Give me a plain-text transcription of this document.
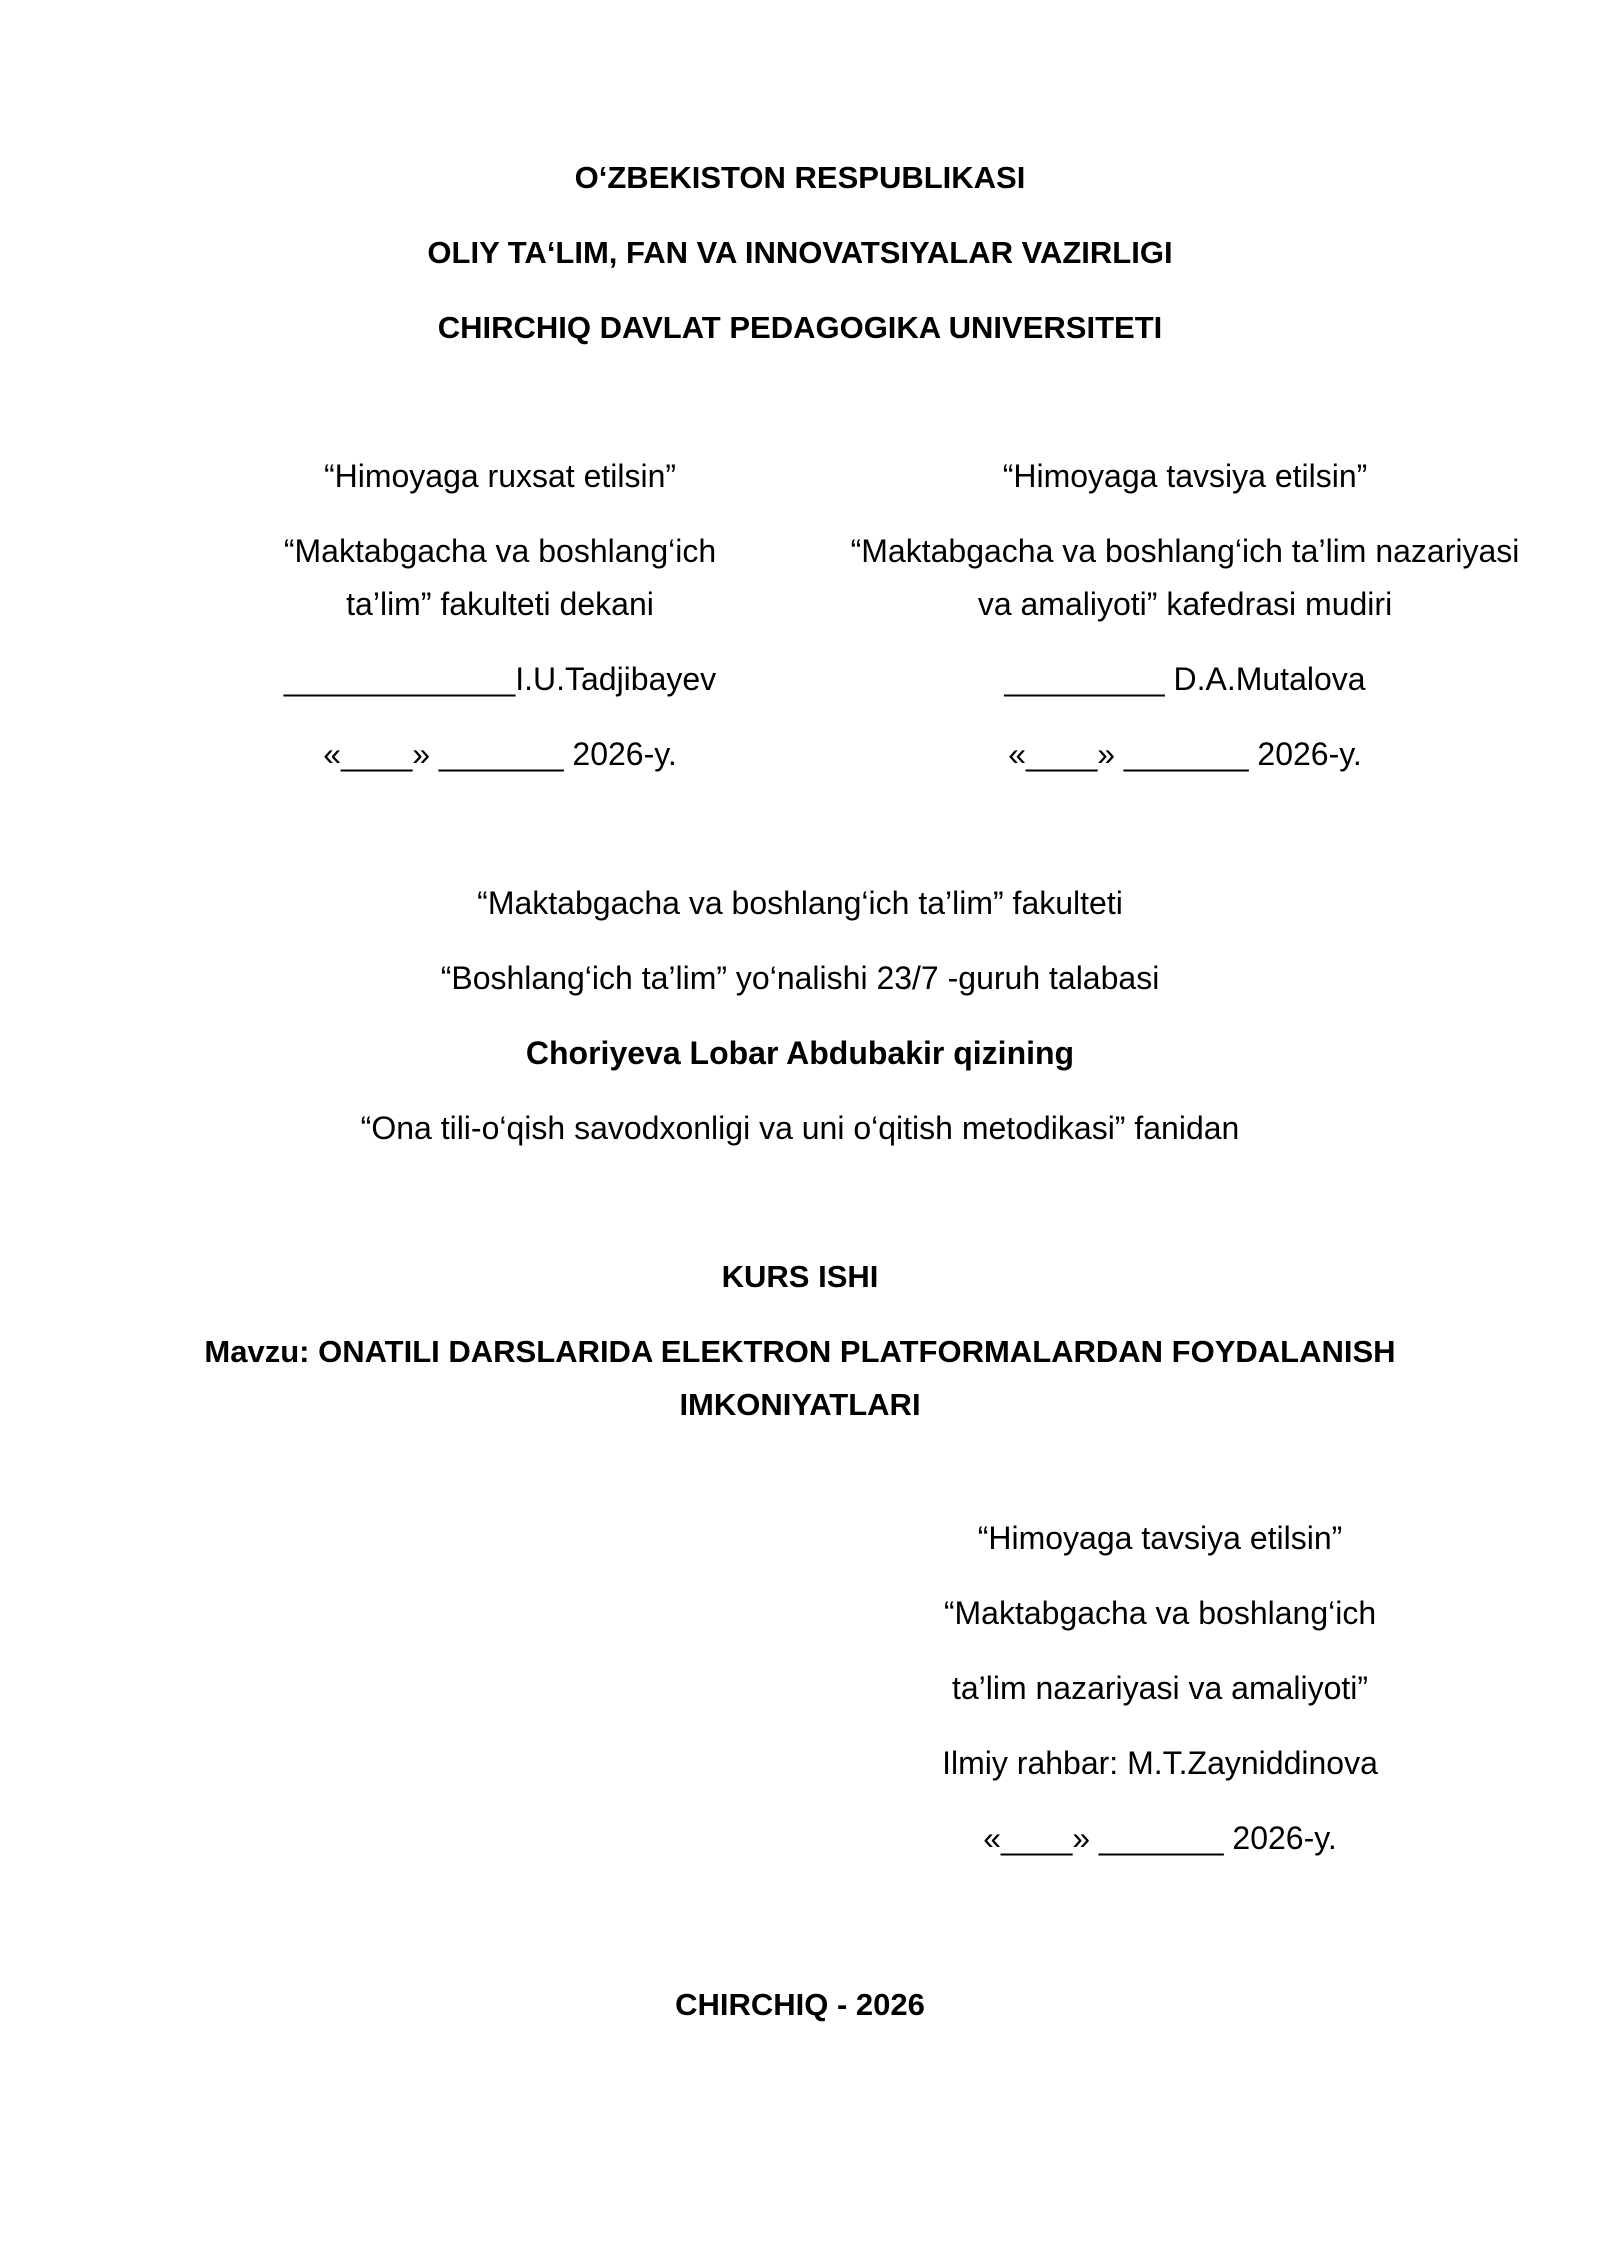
O‘ZBEKISTON RESPUBLIKASI
OLIY TA‘LIM, FAN VA INNOVATSIYALAR VAZIRLIGI
CHIRCHIQ DAVLAT PEDAGOGIKA UNIVERSITETI
“Himoyaga ruxsat etilsin”
“Maktabgacha va boshlang‘ich
ta’lim” fakulteti dekani
_____________I.U.Tadjibayev
«____» _______ 2026-y.
“Himoyaga tavsiya etilsin”
“Maktabgacha va boshlang‘ich ta’lim nazariyasi
va amaliyoti” kafedrasi mudiri
_________ D.A.Mutalova
«____» _______ 2026-y.
“Maktabgacha va boshlang‘ich ta’lim” fakulteti
“Boshlang‘ich ta’lim” yo‘nalishi 23/7 -guruh talabasi
Choriyeva Lobar Abdubakir qizining
“Ona tili-o‘qish savodxonligi va uni o‘qitish metodikasi” fanidan
KURS ISHI
Mavzu: ONATILI DARSLARIDA ELEKTRON PLATFORMALARDAN FOYDALANISH
IMKONIYATLARI
“Himoyaga tavsiya etilsin”
“Maktabgacha va boshlang‘ich
ta’lim nazariyasi va amaliyoti”
Ilmiy rahbar: M.T.Zayniddinova
«____» _______ 2026-y.
CHIRCHIQ - 2026
